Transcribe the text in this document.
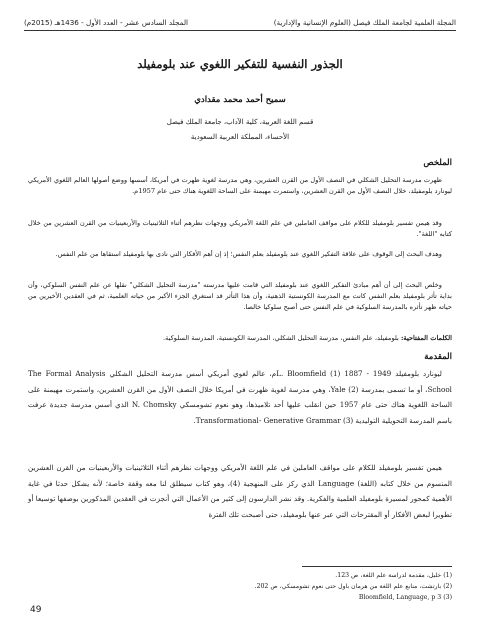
المجلة العلمية لجامعة الملك فيصل (العلوم الإنسانية والإدارية)
المجلد السادس عشر - العدد الأول - 1436هـ (2015م)
الجذور النفسية للتفكير اللغوي عند بلومفيلد
سميح أحمد محمد مقدادي
قسم اللغة العربية، كلية الآداب، جامعة الملك فيصل
الأحساء، المملكة العربية السعودية
الملخص
ظهرت مدرسة التحليل الشكلي في النصف الأول من القرن العشرين، وهي مدرسة لغوية ظهرت في أمريكا، أسسها ووضع أصولها العالم اللغوي الأمريكي ليونارد بلومفيلد، خلال النصف الأول من القرن العشرين، واستمرت مهيمنة على الساحة اللغوية هناك حتى عام 1957م.
وقد هيمن تفسير بلومفيلد للكلام على مواقف العاملين في علم اللغة الأمريكي ووجهات نظرهم أثناء الثلاثينيات والأربعينيات من القرن العشرين من خلال كتابه "اللغة".
وهدف البحث إلى الوقوف على علاقة التفكير اللغوي عند بلومفيلد بعلم النفس؛ إذ إن أهم الأفكار التي نادى بها بلومفيلد استقاها من علم النفس.
وخلص البحث إلى أن أهم مبادئ التفكير اللغوي عند بلومفيلد التي قامت عليها مدرسته "مدرسة التحليل الشكلي" نقلها عن علم النفس السلوكي، وأن بداية تأثر بلومفيلد بعلم النفس كانت مع المدرسة الكونستية الذهنية، وأن هذا التأثر قد استغرق الجزء الأكبر من حياته العلمية، ثم في العقدين الأخيرين من حياته ظهر تأثره بالمدرسة السلوكية في علم النفس حتى أصبح سلوكيا خالصا.
الكلمات المفتاحية: بلومفيلد، علم النفس، مدرسة التحليل الشكلي، المدرسة الكونستية، المدرسة السلوكية.
المقدمة
ليونارد بلومفيلد L. Bloomfield (1) 1887 - 1949م، عالم لغوي أمريكي أسس مدرسة التحليل الشكلي The Formal Analysis School، أو ما تسمى بمدرسة Yale (2)، وهي مدرسة لغوية ظهرت في أمريكا خلال النصف الأول من القرن العشرين، واستمرت مهيمنة على الساحة اللغوية هناك حتى عام 1957 حين انقلب عليها أحد تلاميذها، وهو نعوم تشومسكي N. Chomsky الذي أسس مدرسة جديدة عرفت باسم المدرسة التحويلية التوليدية Transformational- Generative Grammar (3).
هيمن تفسير بلومفيلد للكلام على مواقف العاملين في علم اللغة الأمريكي ووجهات نظرهم أثناء الثلاثينيات والأربعينيات من القرن العشرين المنسوم من خلال كتابه (اللغة) Language الذي ركز على المنهجية (4)، وهو كتاب سيطلق لنا معه وقفة خاصة؛ لأنه يشكل حدثا في غاية الأهمية كمحور لمسيرة بلومفيلد العلمية والفكرية. وقد نشر الدارسون إلى كثير من الأعمال التي أنجزت في العقدين المذكورين بوصفها توسيعا أو تطويرا لبعض الأفكار أو المقترحات التي عبر عنها بلومفيلد، حتى أصبحت تلك الفترة
(1) خليل، مقدمة لدراسة علم اللغة، ص 123.
(2) بارتشت، منابع علم اللغة من هرمان باول حتى نعوم تشومسكي، ص 202.
(3) Bloomfield, Language, p 3
49
